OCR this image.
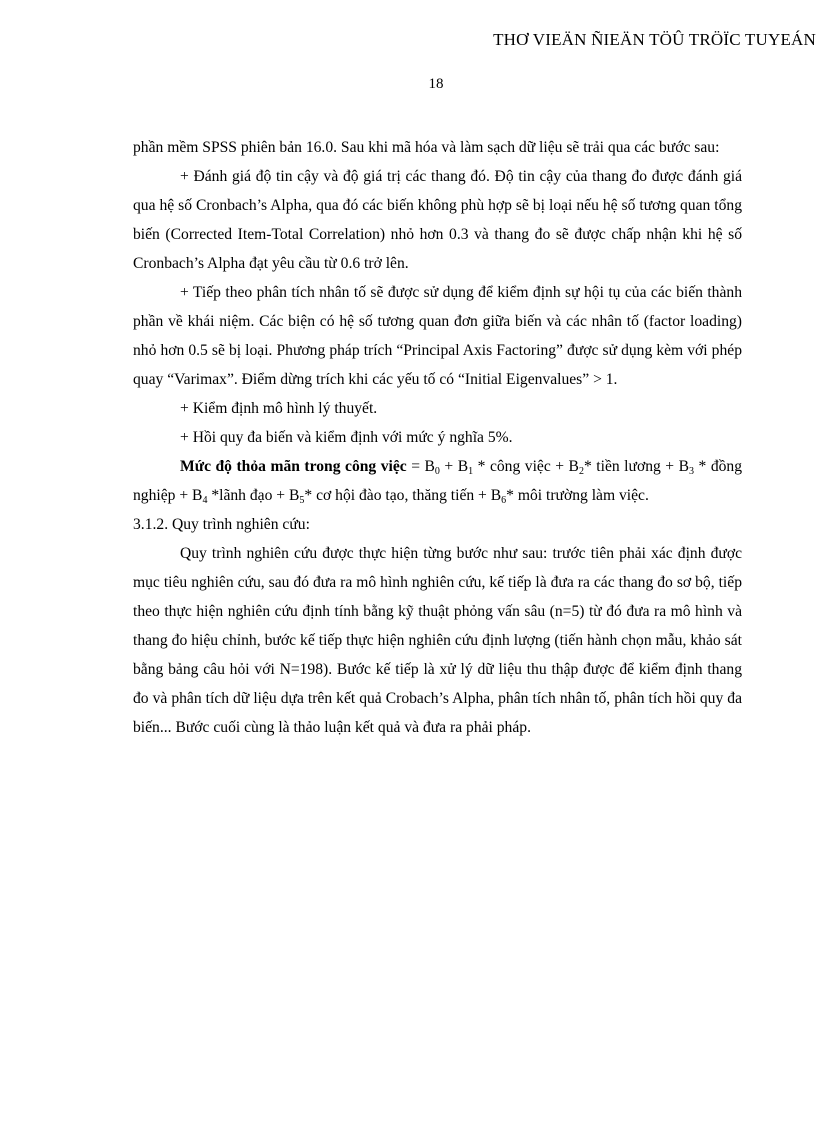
THƠ VIEÄN ÑIEÄN TÖÛ TRÖÏC TUYEÁN
18

phần mềm SPSS phiên bản 16.0. Sau khi mã hóa và làm sạch dữ liệu sẽ trải qua các bước sau:

+ Đánh giá độ tin cậy và độ giá trị các thang đó. Độ tin cậy của thang đo được đánh giá qua hệ số Cronbach’s Alpha, qua đó các biến không phù hợp sẽ bị loại nếu hệ số tương quan tổng biến (Corrected Item-Total Correlation) nhỏ hơn 0.3 và thang đo sẽ được chấp nhận khi hệ số Cronbach’s Alpha đạt yêu cầu từ 0.6 trở lên.

+ Tiếp theo phân tích nhân tố sẽ được sử dụng để kiểm định sự hội tụ của các biến thành phần về khái niệm. Các biện có hệ số tương quan đơn giữa biến và các nhân tố (factor loading) nhỏ hơn 0.5 sẽ bị loại. Phương pháp trích “Principal Axis Factoring” được sử dụng kèm với phép quay “Varimax”. Điểm dừng trích khi các yếu tố có “Initial Eigenvalues” > 1.

+ Kiểm định mô hình lý thuyết.

+ Hồi quy đa biến và kiểm định với mức ý nghĩa 5%.

Mức độ thỏa mãn trong công việc = $B_0 + B_1$ * công việc + $B_2*$ tiền lương + $B_3$ * đồng nghiệp + $B_4$ *lãnh đạo + $B_5*$ cơ hội đào tạo, thăng tiến + $B_6*$ môi trường làm việc.

3.1.2. Quy trình nghiên cứu:

Quy trình nghiên cứu được thực hiện từng bước như sau: trước tiên phải xác định được mục tiêu nghiên cứu, sau đó đưa ra mô hình nghiên cứu, kế tiếp là đưa ra các thang đo sơ bộ, tiếp theo thực hiện nghiên cứu định tính bằng kỹ thuật phỏng vấn sâu (n=5) từ đó đưa ra mô hình và thang đo hiệu chỉnh, bước kế tiếp thực hiện nghiên cứu định lượng (tiến hành chọn mẫu, khảo sát bằng bảng câu hỏi với N=198). Bước kế tiếp là xử lý dữ liệu thu thập được để kiểm định thang đo và phân tích dữ liệu dựa trên kết quả Crobach’s Alpha, phân tích nhân tố, phân tích hồi quy đa biến... Bước cuối cùng là thảo luận kết quả và đưa ra phải pháp.
